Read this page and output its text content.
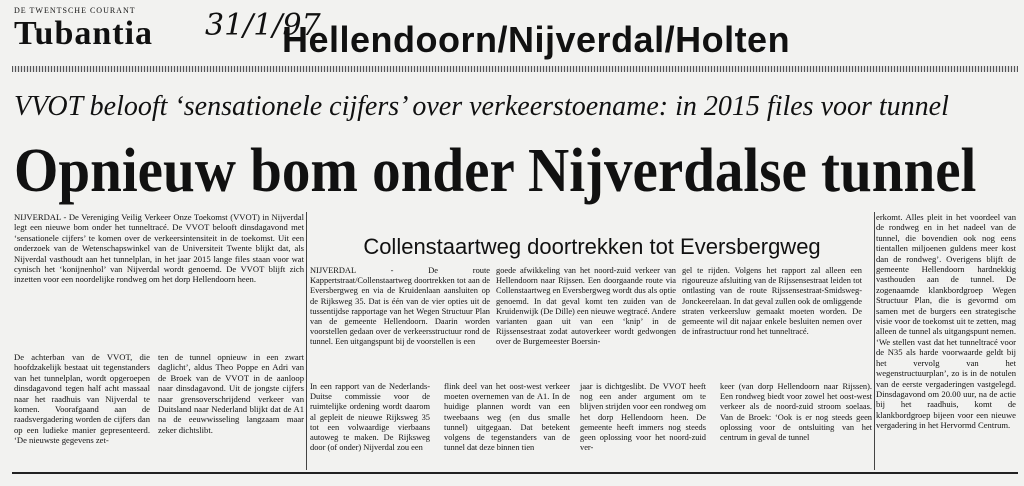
DE TWENTSCHE COURANT
Tubantia 31/1/97
Hellendoorn/Nijverdal/Holten
VVOT belooft ‘sensationele cijfers’ over verkeerstoename: in 2015 files voor tunnel
Opnieuw bom onder Nijverdalse tunnel

NIJVERDAL - De Vereniging Veilig Verkeer Onze Toekomst (VVOT) in Nijverdal legt een nieuwe bom onder het tunneltracé. De VVOT belooft dinsdagavond met ‘sensationele cijfers’ te komen over de verkeersintensiteit in de toekomst. Uit een onderzoek van de Wetenschapswinkel van de Universiteit Twente blijkt dat, als Nijverdal vasthoudt aan het tunnelplan, in het jaar 2015 lange files staan voor wat cynisch het ‘konijnenhol’ van Nijverdal wordt genoemd. De VVOT blijft zich inzetten voor een noordelijke rondweg om het dorp Hellendoorn heen.

De achterban van de VVOT, die hoofdzakelijk bestaat uit tegenstanders van het tunnelplan, wordt opgeroepen dinsdagavond tegen half acht massaal naar het raadhuis van Nijverdal te komen. Voorafgaand aan de raadsvergadering worden de cijfers dan op een ludieke manier gepresenteerd. ‘De nieuwste gegevens zet-

ten de tunnel opnieuw in een zwart daglicht’, aldus Theo Poppe en Adri van de Broek van de VVOT in de aanloop naar dinsdagavond. Uit de jongste cijfers naar grensoverschrijdend verkeer van Duitsland naar Nederland blijkt dat de A1 na de eeuwwisseling langzaam maar zeker dichtslibt.

Collenstaartweg doortrekken tot Eversbergweg

NIJVERDAL - De route Kappertstraat/Collenstaartweg doortrekken tot aan de Eversbergweg en via de Kruidenlaan aansluiten op de Rijksweg 35. Dat is één van de vier opties uit de tussentijdse rapportage van het Wegen Structuur Plan van de gemeente Hellendoorn. Daarin worden voorstellen gedaan over de verkeersstructuur rond de tunnel. Een uitgangspunt bij de voorstellen is een

goede afwikkeling van het noord-zuid verkeer van Hellendoorn naar Rijssen. Een doorgaande route via Collenstaartweg en Eversbergweg wordt dus als optie genoemd. In dat geval komt ten zuiden van de Kruidenwijk (De Dille) een nieuwe wegtracé. Andere varianten gaan uit van een ‘knip’ in de Rijssensestraat zodat autoverkeer wordt gedwongen over de Burgemeester Boersin-

gel te rijden. Volgens het rapport zal alleen een rigoureuze afsluiting van de Rijssensestraat leiden tot ontlasting van de route Rijssensestraat-Smidsweg-Jonckeerelaan. In dat geval zullen ook de omliggende straten verkeersluw gemaakt moeten worden. De gemeente wil dit najaar enkele besluiten nemen over de infrastructuur rond het tunneltracé.

In een rapport van de Nederlands-Duitse commissie voor de ruimtelijke ordening wordt daarom al gepleit de nieuwe Rijksweg 35 tot een volwaardige vierbaans autoweg te maken. De Rijksweg door (of onder) Nijverdal zou een

flink deel van het oost-west verkeer moeten overnemen van de A1. In de huidige plannen wordt van een tweebaans weg (en dus smalle tunnel) uitgegaan. Dat betekent volgens de tegenstanders van de tunnel dat deze binnen tien

jaar is dichtgeslibt. De VVOT heeft nog een ander argument om te blijven strijden voor een rondweg om het dorp Hellendoorn heen. De gemeente heeft immers nog steeds geen oplossing voor het noord-zuid ver-

keer (van dorp Hellendoorn naar Rijssen). Een rondweg biedt voor zowel het oost-west verkeer als de noord-zuid stroom soelaas. Van de Broek: ‘Ook is er nog steeds geen oplossing voor de ontsluiting van het centrum in geval de tunnel

erkomt. Alles pleit in het voordeel van de rondweg en in het nadeel van de tunnel, die bovendien ook nog eens tientallen miljoenen guldens meer kost dan de rondweg’. Overigens blijft de gemeente Hellendoorn hardnekkig vasthouden aan de tunnel. De zogenaamde klankbordgroep Wegen Structuur Plan, die is gevormd om samen met de burgers een strategische visie voor de toekomst uit te zetten, mag alleen de tunnel als uitgangspunt nemen. ‘We stellen vast dat het tunneltracé voor de N35 als harde voorwaarde geldt bij het vervolg van het wegenstructuurplan’, zo is in de notulen van de eerste vergaderingen vastgelegd. Dinsdagavond om 20.00 uur, na de actie bij het raadhuis, komt de klankbordgroep bijeen voor een nieuwe vergadering in het Hervormd Centrum.
